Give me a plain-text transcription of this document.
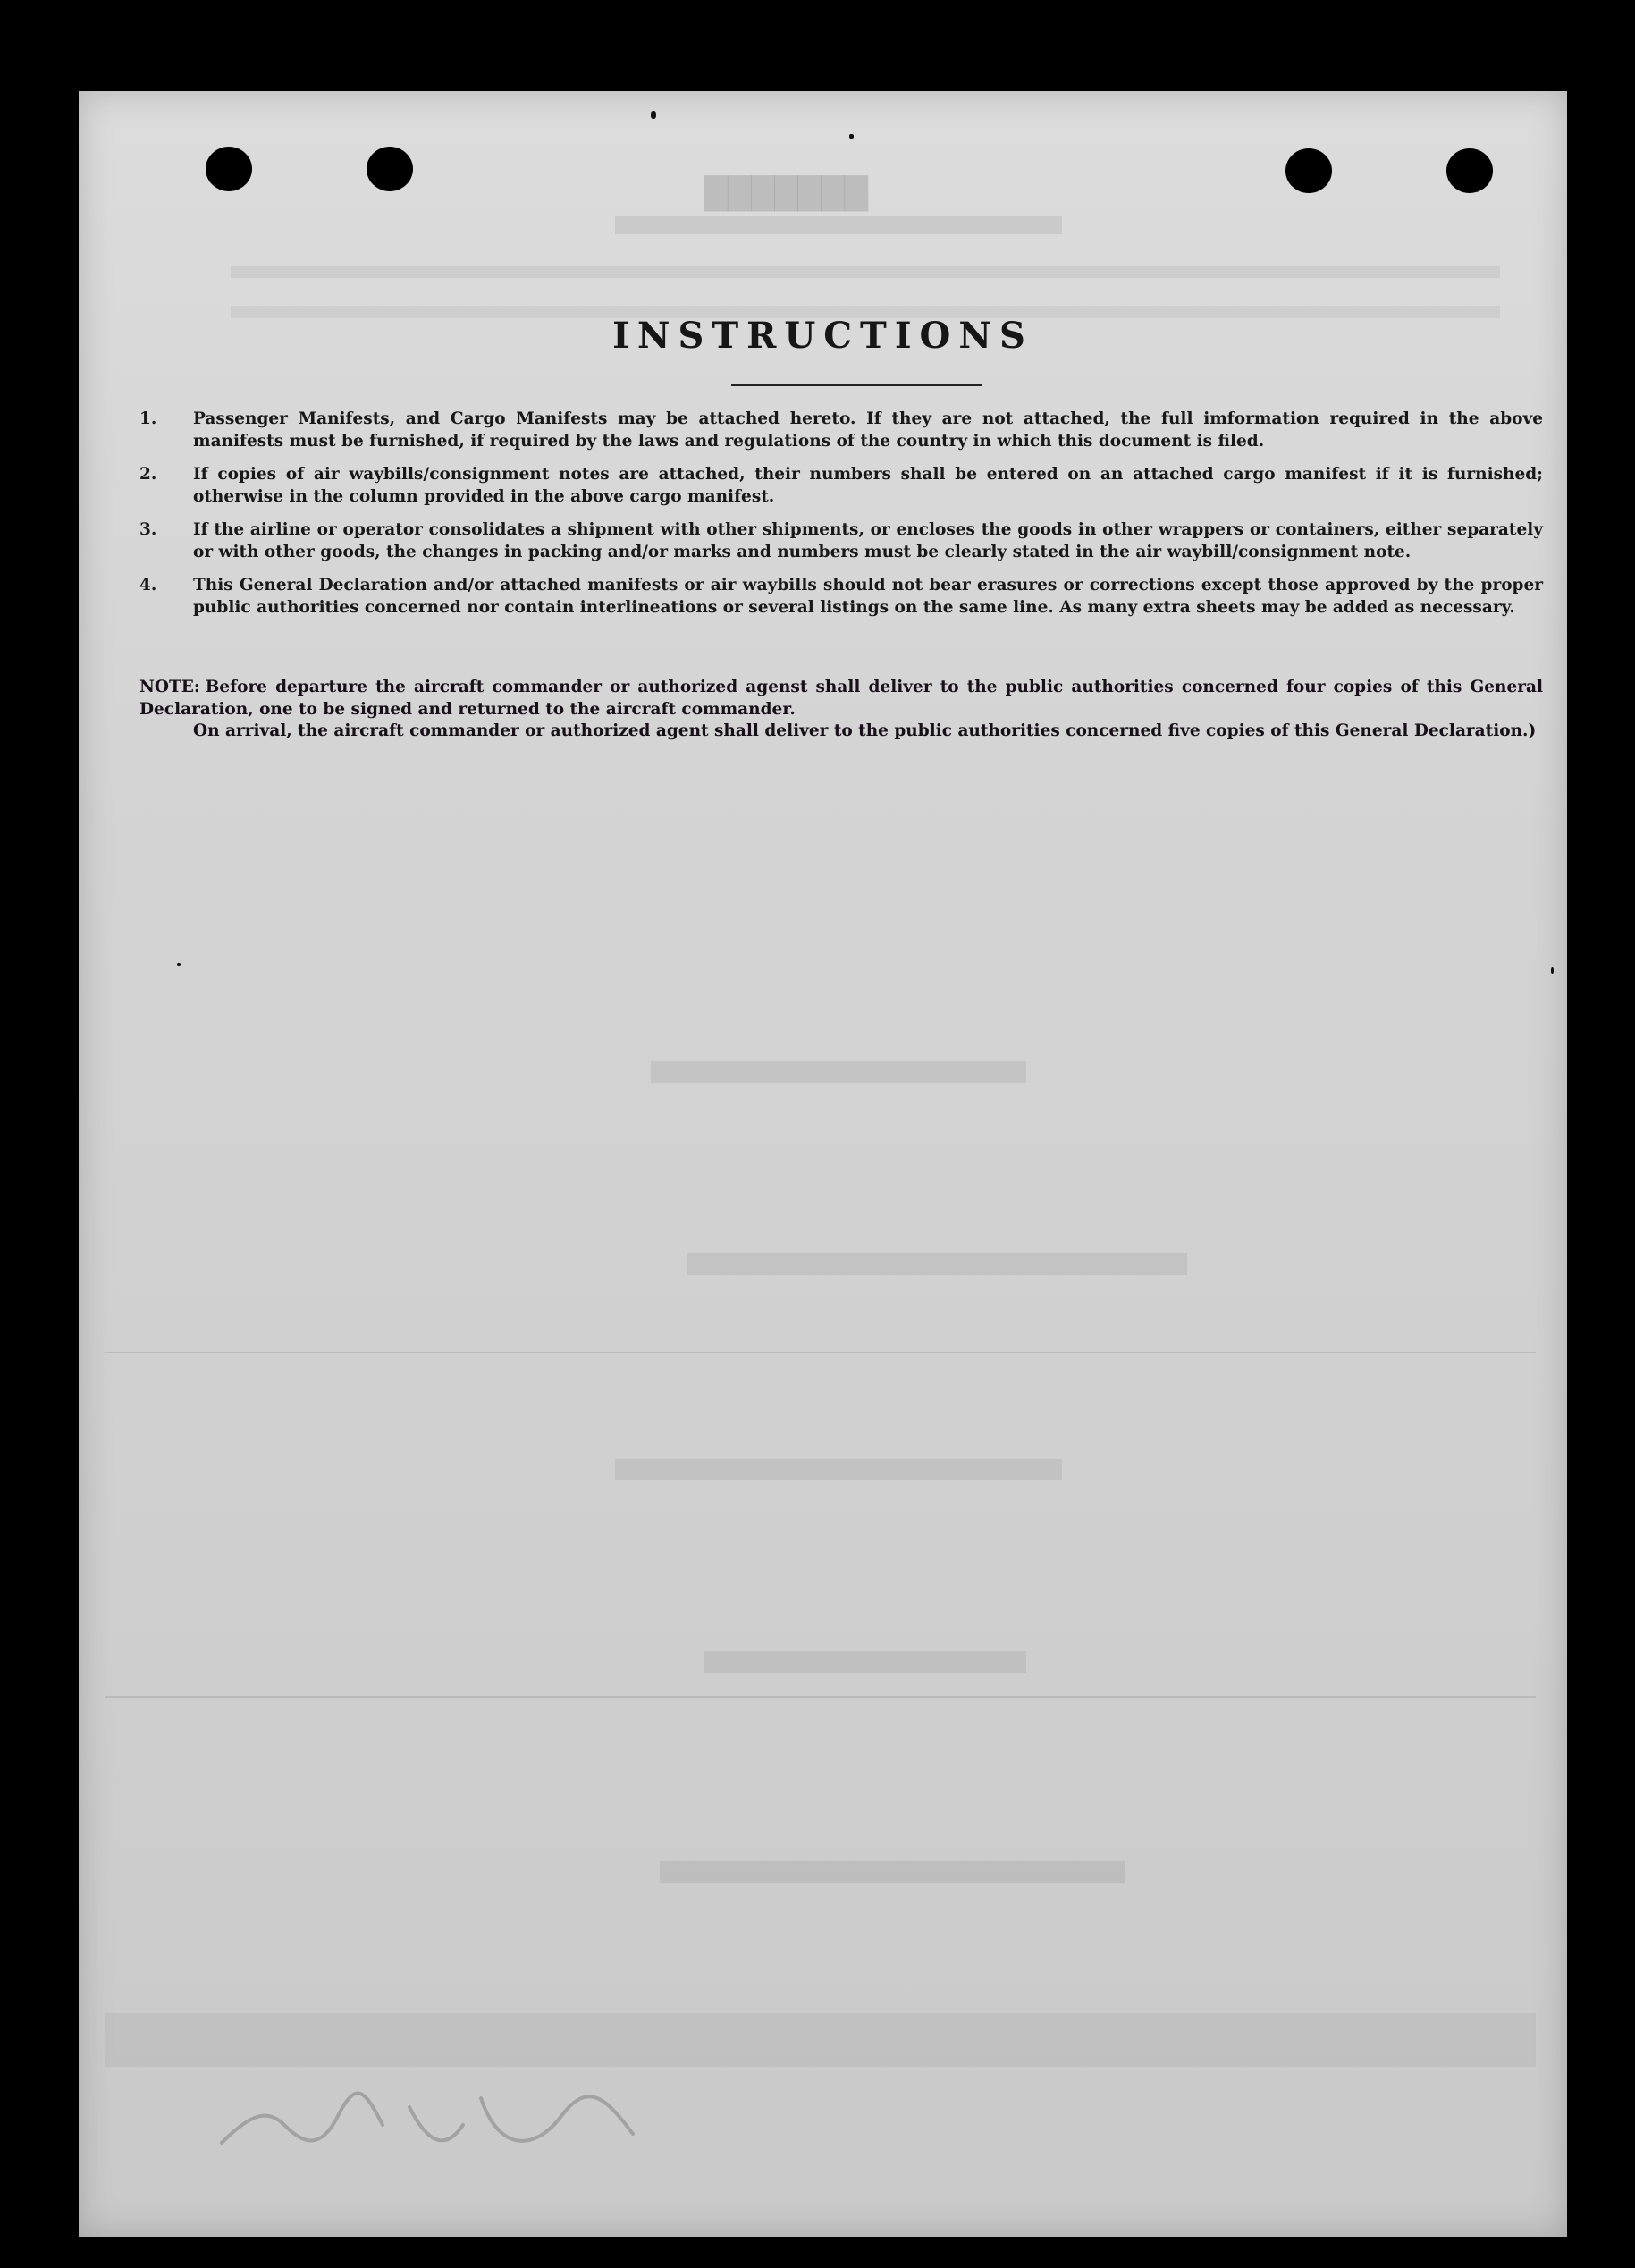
███████
INSTRUCTIONS
1.	Passenger Manifests, and Cargo Manifests may be attached hereto. If they are not attached, the full imformation required in the above manifests must be furnished, if required by the laws and regulations of the country in which this document is filed.
2.	If copies of air waybills/consignment notes are attached, their numbers shall be entered on an attached cargo manifest if it is furnished; otherwise in the column provided in the above cargo manifest.
3.	If the airline or operator consolidates a shipment with other shipments, or encloses the goods in other wrappers or containers, either separately or with other goods, the changes in packing and/or marks and numbers must be clearly stated in the air waybill/consignment note.
4.	This General Declaration and/or attached manifests or air waybills should not bear erasures or corrections except those approved by the proper public authorities concerned nor contain interlineations or several listings on the same line. As many extra sheets may be added as necessary.
NOTE: Before departure the aircraft commander or authorized agenst shall deliver to the public authorities concerned four copies of this General Declaration, one to be signed and returned to the aircraft commander.
On arrival, the aircraft commander or authorized agent shall deliver to the public authorities concerned five copies of this General Declaration.)
